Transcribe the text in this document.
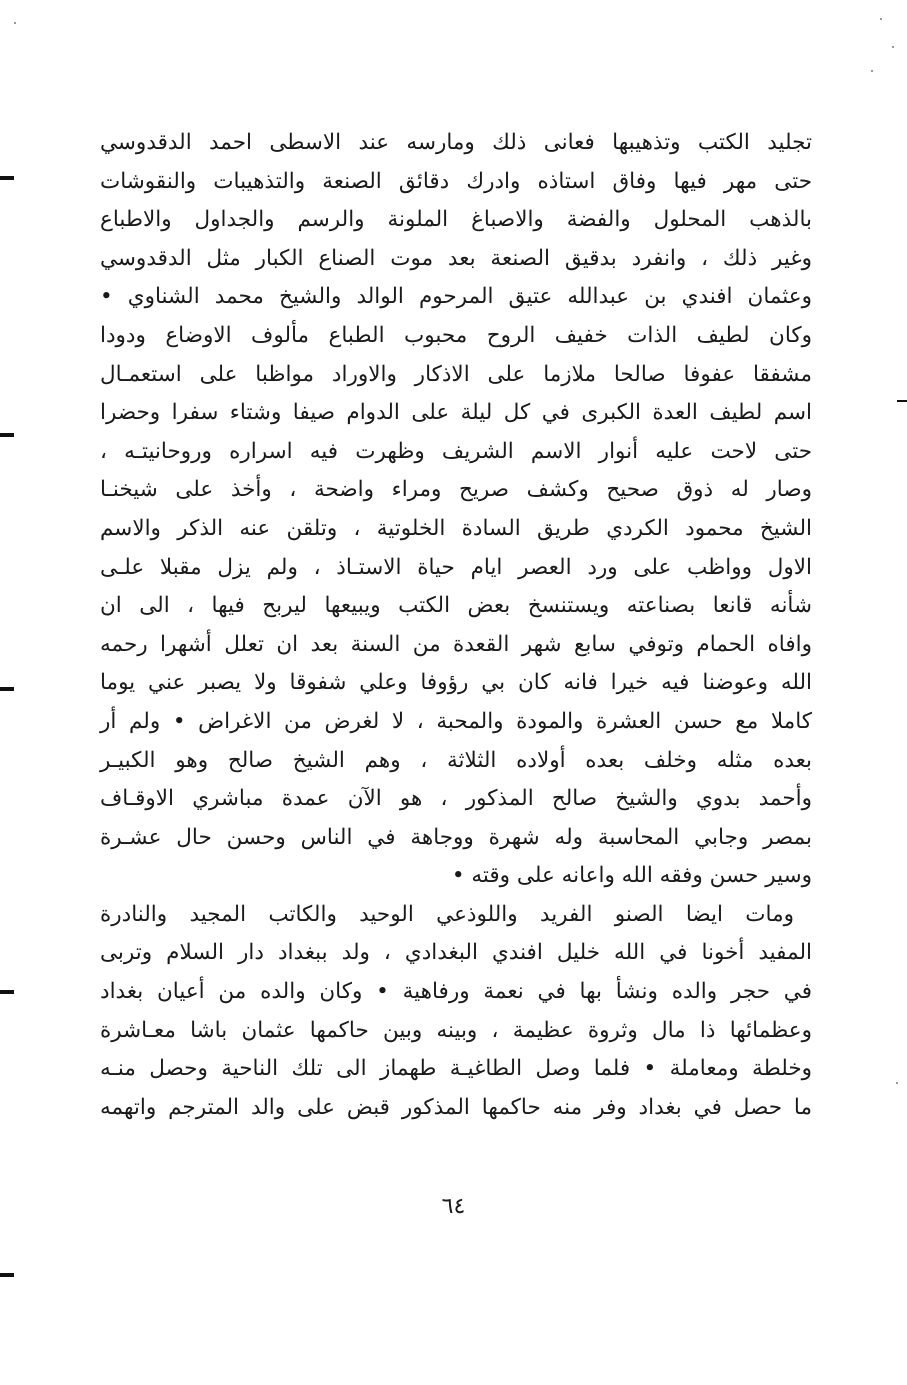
تجليد الكتب وتذهيبها فعانى ذلك ومارسه عند الاسطى احمد الدقدوسي
حتى مهر فيها وفاق استاذه وادرك دقائق الصنعة والتذهيبات والنقوشات
بالذهب المحلول والفضة والاصباغ الملونة والرسم والجداول والاطباع
وغير ذلك ، وانفرد بدقيق الصنعة بعد موت الصناع الكبار مثل الدقدوسي
وعثمان افندي بن عبدالله عتيق المرحوم الوالد والشيخ محمد الشناوي •
وكان لطيف الذات خفيف الروح محبوب الطباع مألوف الاوضاع ودودا
مشفقا عفوفا صالحا ملازما على الاذكار والاوراد مواظبا على استعمـال
اسم لطيف العدة الكبرى في كل ليلة على الدوام صيفا وشتاء سفرا وحضرا
حتى لاحت عليه أنوار الاسم الشريف وظهرت فيه اسراره وروحانيتـه ،
وصار له ذوق صحيح وكشف صريح ومراء واضحة ، وأخذ على شيخنـا
الشيخ محمود الكردي طريق السادة الخلوتية ، وتلقن عنه الذكر والاسم
الاول وواظب على ورد العصر ايام حياة الاستـاذ ، ولم يزل مقبلا علـى
شأنه قانعا بصناعته ويستنسخ بعض الكتب ويبيعها ليربح فيها ، الى ان
وافاه الحمام وتوفي سابع شهر القعدة من السنة بعد ان تعلل أشهرا رحمه
الله وعوضنا فيه خيرا فانه كان بي رؤوفا وعلي شفوقا ولا يصبر عني يوما
كاملا مع حسن العشرة والمودة والمحبة ، لا لغرض من الاغراض • ولم أر
بعده مثله وخلف بعده أولاده الثلاثة ، وهم الشيخ صالح وهو الكبيـر
وأحمد بدوي والشيخ صالح المذكور ، هو الآن عمدة مباشري الاوقـاف
بمصر وجابي المحاسبة وله شهرة ووجاهة في الناس وحسن حال عشـرة
وسير حسن وفقه الله واعانه على وقته •
ومات ايضا الصنو الفريد واللوذعي الوحيد والكاتب المجيد والنادرة
المفيد أخونا في الله خليل افندي البغدادي ، ولد ببغداد دار السلام وتربى
في حجر والده ونشأ بها في نعمة ورفاهية • وكان والده من أعيان بغداد
وعظمائها ذا مال وثروة عظيمة ، وبينه وبين حاكمها عثمان باشا معـاشرة
وخلطة ومعاملة • فلما وصل الطاغيـة طهماز الى تلك الناحية وحصل منـه
ما حصل في بغداد وفر منه حاكمها المذكور قبض على والد المترجم واتهمه
٦٤
